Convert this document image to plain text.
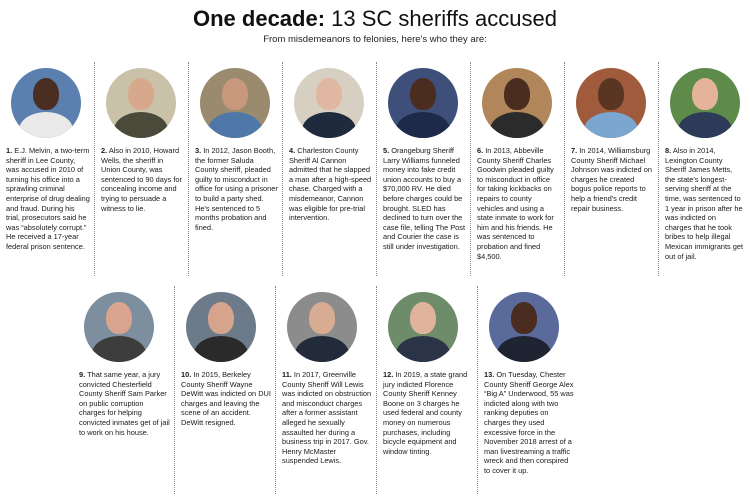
One decade: 13 SC sheriffs accused
From misdemeanors to felonies, here's who they are:
1. E.J. Melvin, a two-term sheriff in Lee County, was accused in 2010 of turning his office into a sprawling criminal enterprise of drug dealing and fraud. During his trial, prosecutors said he was “absolutely corrupt.” He received a 17-year federal prison sentence.
2. Also in 2010, Howard Wells, the sheriff in Union County, was sentenced to 90 days for concealing income and trying to persuade a witness to lie.
3. In 2012, Jason Booth, the former Saluda County sheriff, pleaded guilty to misconduct in office for using a prisoner to build a party shed. He's sentenced to 5 months probation and fined.
4. Charleston County Sheriff Al Cannon admitted that he slapped a man after a high-speed chase. Charged with a misdemeanor, Cannon was eligible for pre-trial intervention.
5. Orangeburg Sheriff Larry Williams funneled money into fake credit union accounts to buy a $70,000 RV. He died before charges could be brought. SLED has declined to turn over the case file, telling The Post and Courier the case is still under investigation.
6. In 2013, Abbeville County Sheriff Charles Goodwin pleaded guilty to misconduct in office for taking kickbacks on repairs to county vehicles and using a state inmate to work for him and his friends. He was sentenced to probation and fined $4,500.
7. In 2014, Williamsburg County Sheriff Michael Johnson was indicted on charges he created bogus police reports to help a friend's credit repair business.
8. Also in 2014, Lexington County Sheriff James Metts, the state's longest-serving sheriff at the time, was sentenced to 1 year in prison after he was indicted on charges that he took bribes to help illegal Mexican immigrants get out of jail.
9. That same year, a jury convicted Chesterfield County Sheriff Sam Parker on public corruption charges for helping convicted inmates get of jail to work on his house.
10. In 2015, Berkeley County Sheriff Wayne DeWitt was indicted on DUI charges and leaving the scene of an accident. DeWitt resigned.
11. In 2017, Greenville County Sheriff Will Lewis was indicted on obstruction and misconduct charges after a former assistant alleged he sexually assaulted her during a business trip in 2017. Gov. Henry McMaster suspended Lewis.
12. In 2019, a state grand jury indicted Florence County Sheriff Kenney Boone on 3 charges he used federal and county money on numerous purchases, including bicycle equipment and window tinting.
13. On Tuesday, Chester County Sheriff George Alex “Big A” Underwood, 55 was indicted along with two ranking deputies on charges they used excessive force in the November 2018 arrest of a man livestreaming a traffic wreck and then conspired to cover it up.
